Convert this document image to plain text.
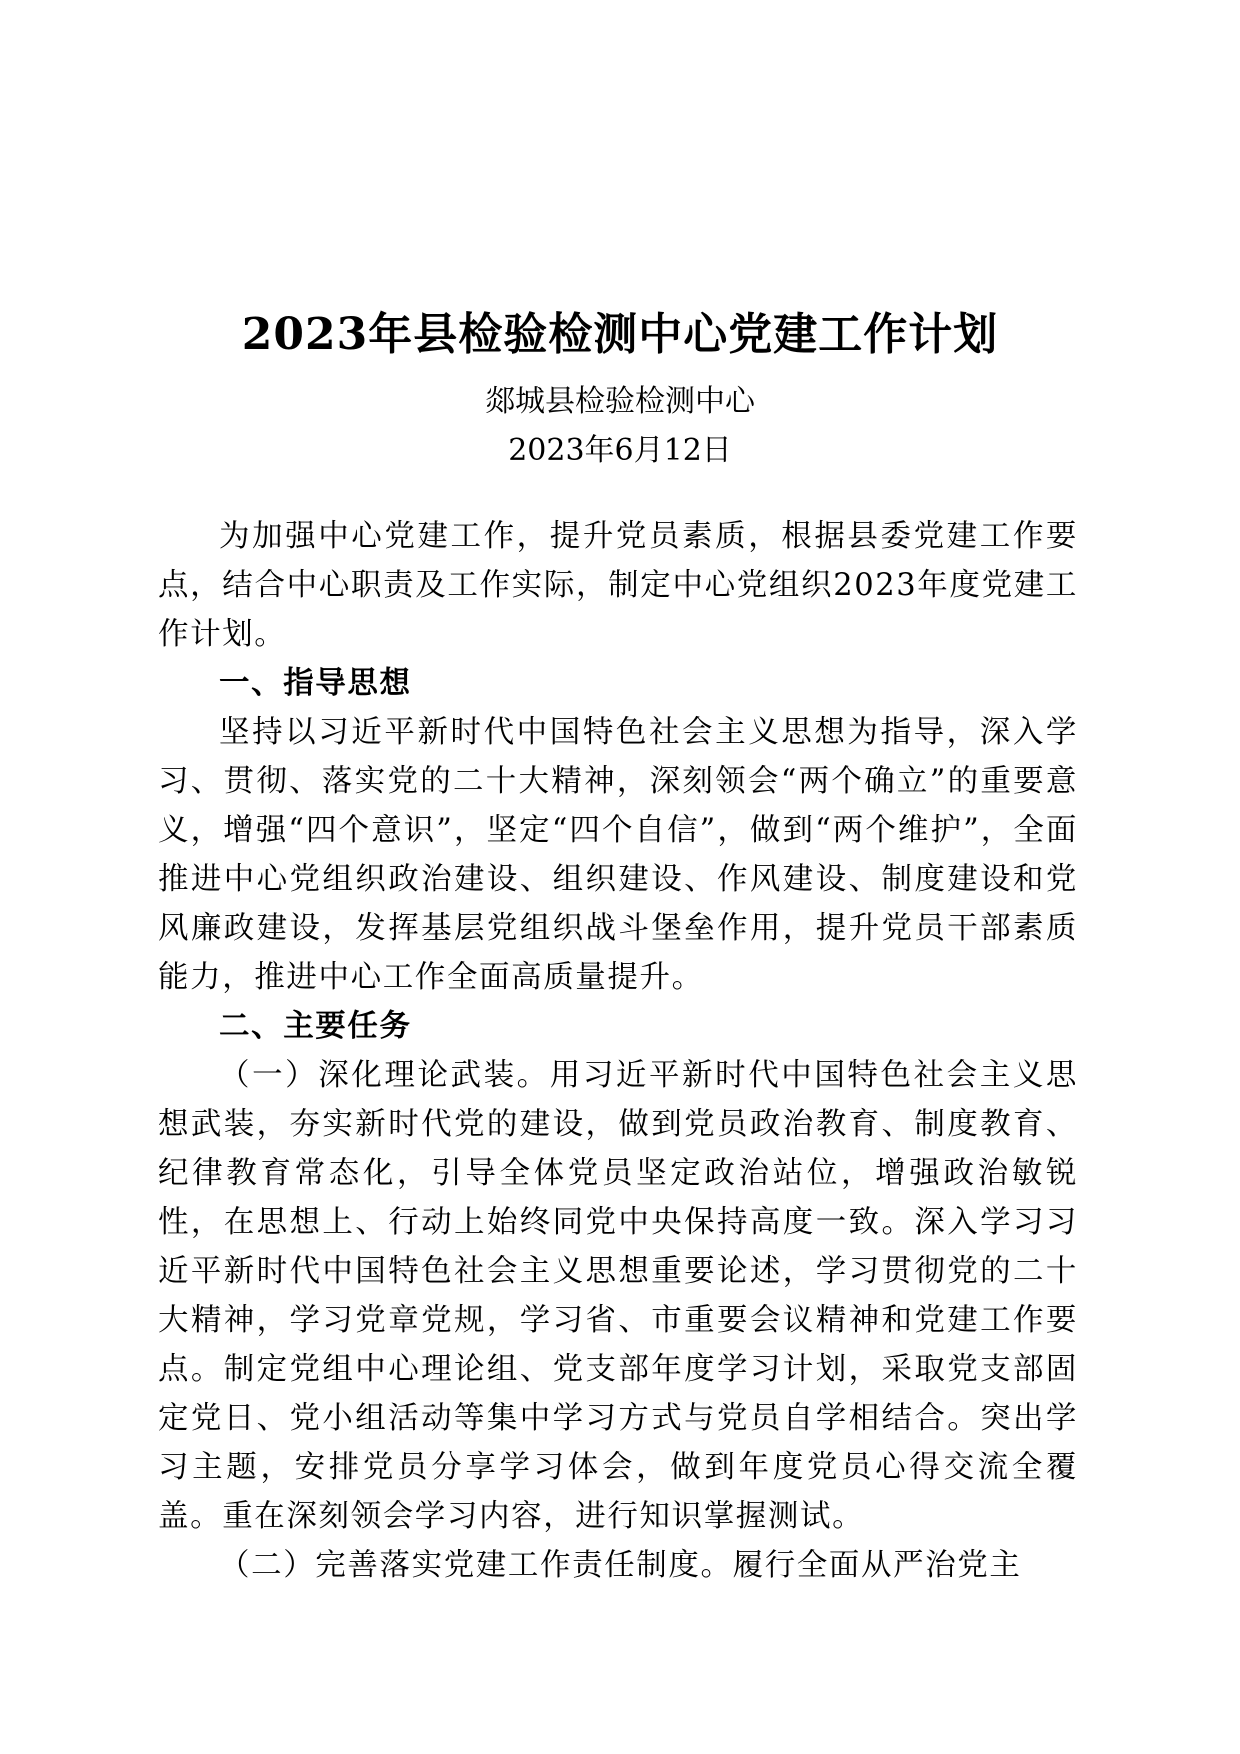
2023年县检验检测中心党建工作计划
郯城县检验检测中心
2023年6月12日

为加强中心党建工作，提升党员素质，根据县委党建工作要点，结合中心职责及工作实际，制定中心党组织2023年度党建工作计划。

一、指导思想

坚持以习近平新时代中国特色社会主义思想为指导，深入学习、贯彻、落实党的二十大精神，深刻领会“两个确立”的重要意义，增强“四个意识”，坚定“四个自信”，做到“两个维护”，全面推进中心党组织政治建设、组织建设、作风建设、制度建设和党风廉政建设，发挥基层党组织战斗堡垒作用，提升党员干部素质能力，推进中心工作全面高质量提升。

二、主要任务

（一）深化理论武装。用习近平新时代中国特色社会主义思想武装，夯实新时代党的建设，做到党员政治教育、制度教育、纪律教育常态化，引导全体党员坚定政治站位，增强政治敏锐性，在思想上、行动上始终同党中央保持高度一致。深入学习习近平新时代中国特色社会主义思想重要论述，学习贯彻党的二十大精神，学习党章党规，学习省、市重要会议精神和党建工作要点。制定党组中心理论组、党支部年度学习计划，采取党支部固定党日、党小组活动等集中学习方式与党员自学相结合。突出学习主题，安排党员分享学习体会，做到年度党员心得交流全覆盖。重在深刻领会学习内容，进行知识掌握测试。

（二）完善落实党建工作责任制度。履行全面从严治党主
